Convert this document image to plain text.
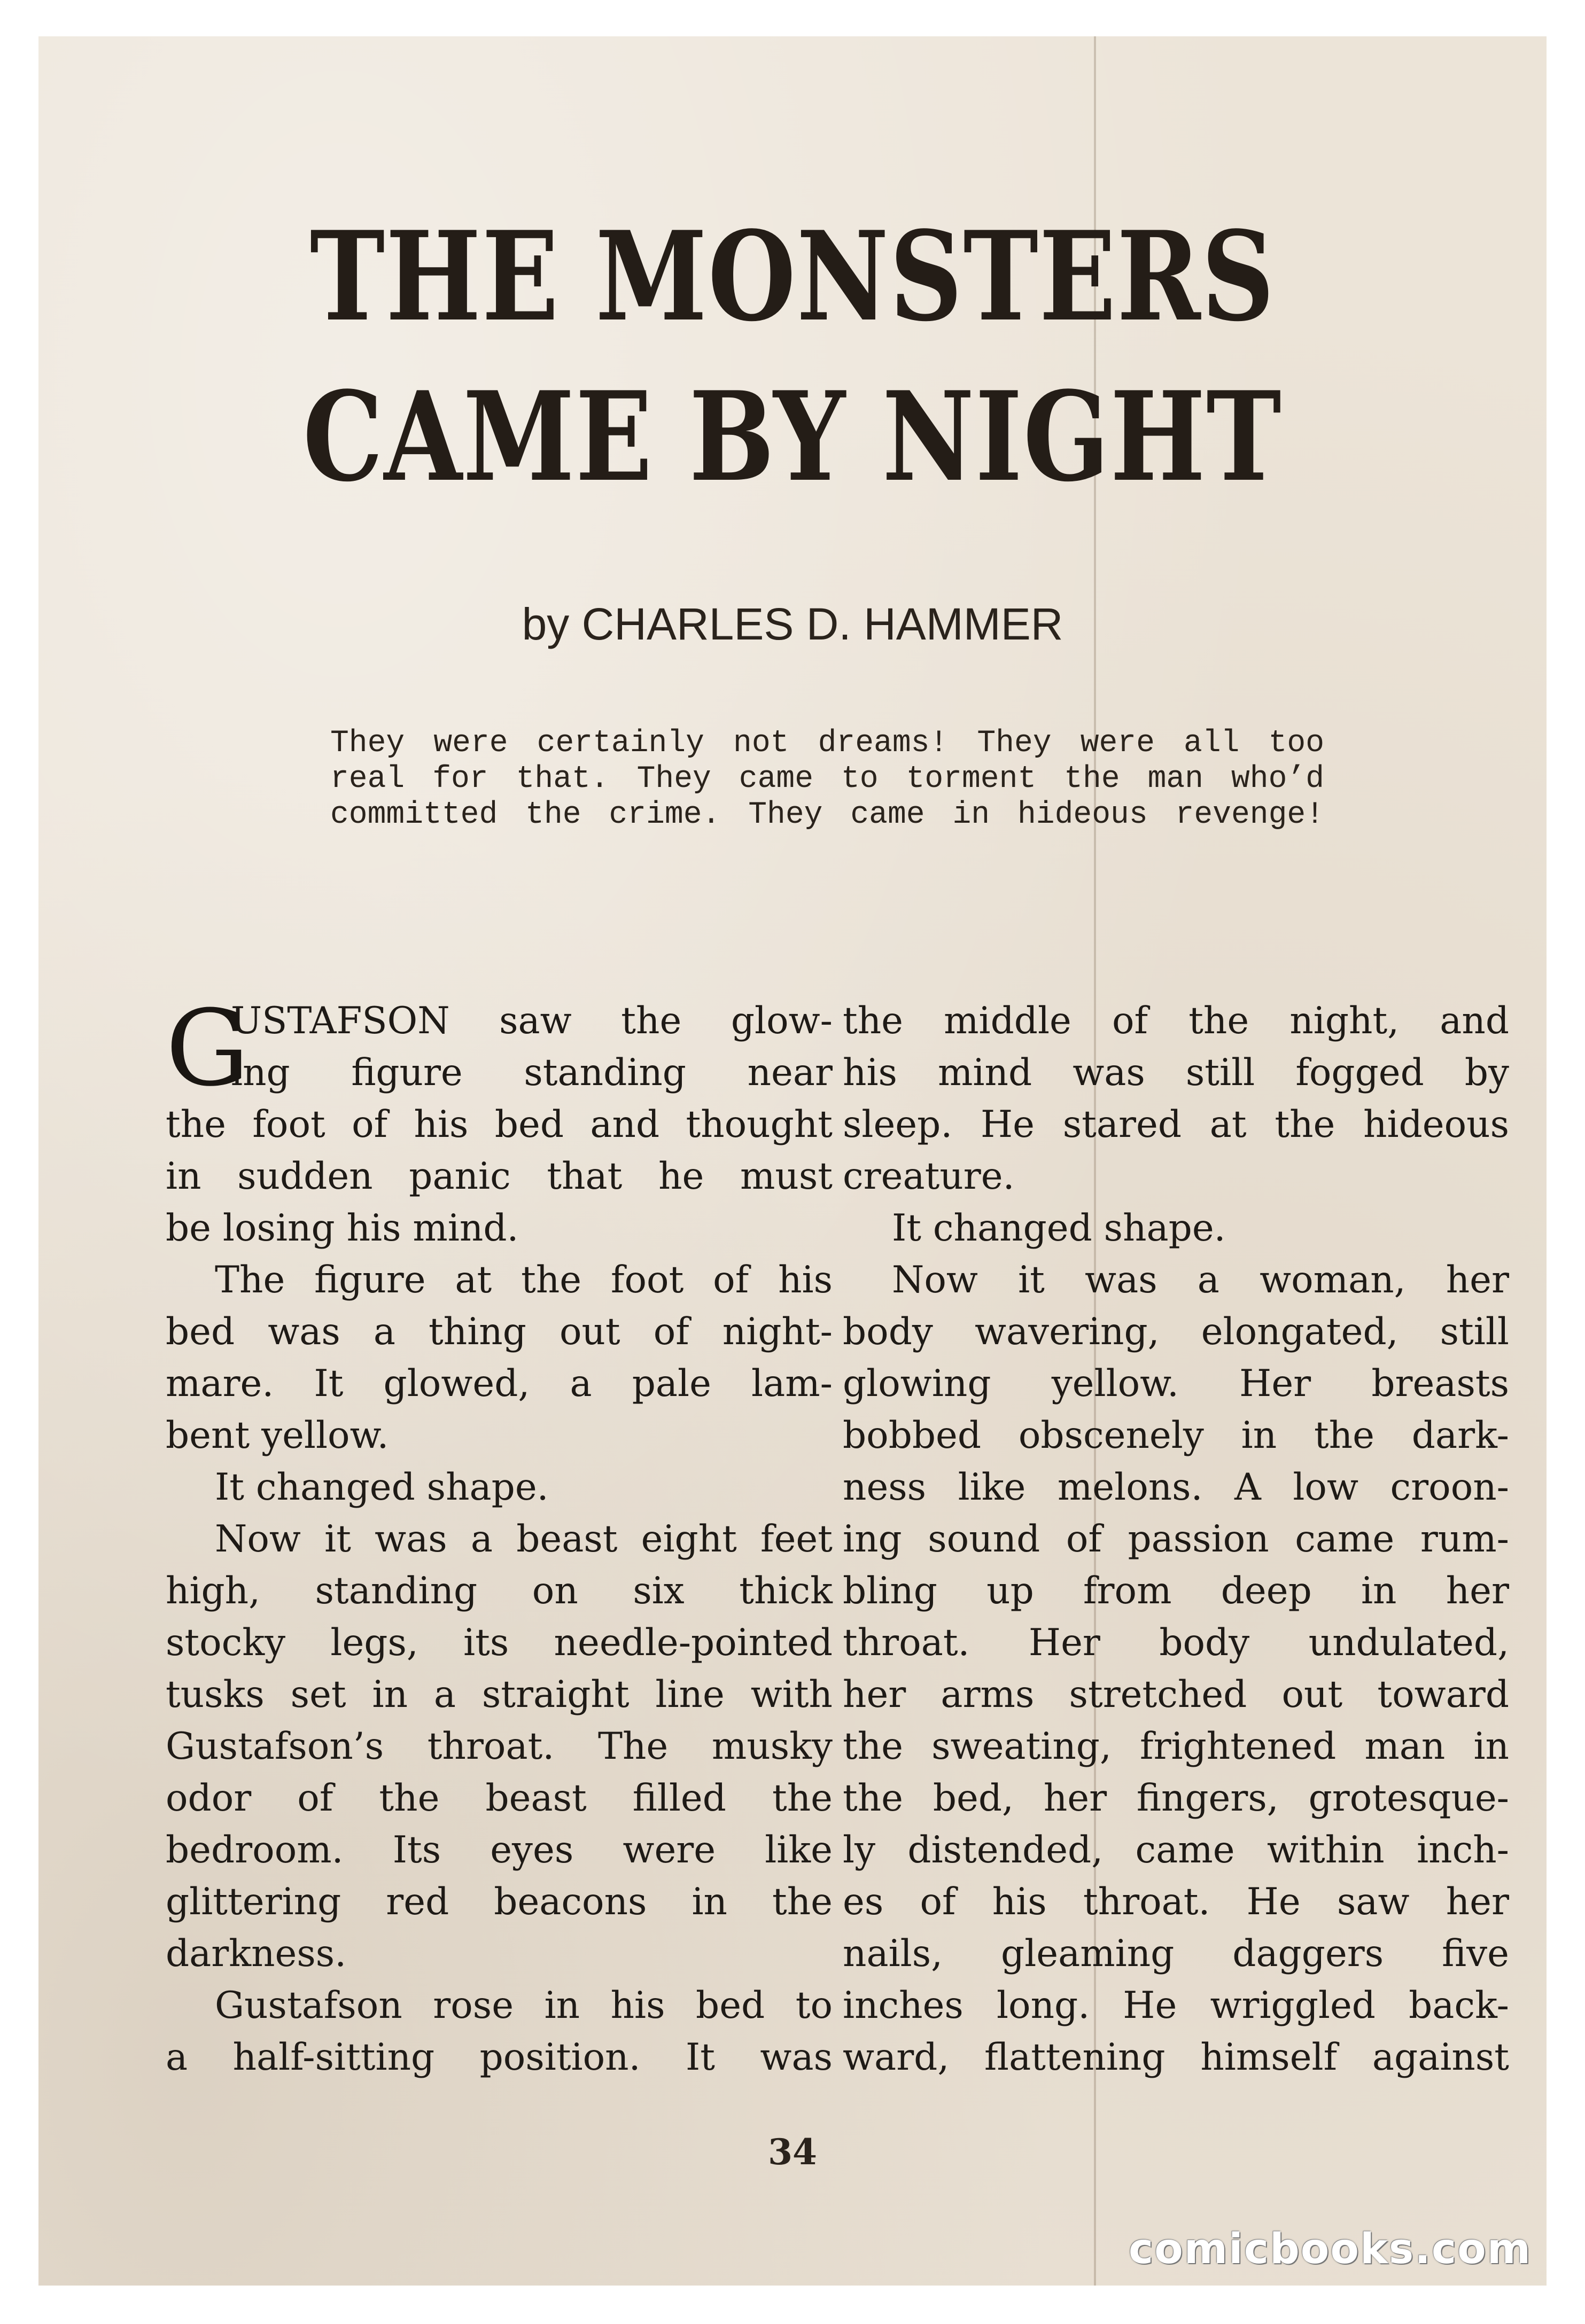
THE MONSTERS
CAME BY NIGHT
by CHARLES D. HAMMER
They were certainly not dreams! They were all too
real for that. They came to torment the man who’d
committed the crime. They came in hideous revenge!
G
USTAFSON saw the glow-
ing figure standing near
the foot of his bed and thought
in sudden panic that he must
be losing his mind.
The figure at the foot of his
bed was a thing out of night-
mare. It glowed, a pale lam-
bent yellow.
It changed shape.
Now it was a beast eight feet
high, standing on six thick
stocky legs, its needle-pointed
tusks set in a straight line with
Gustafson’s throat. The musky
odor of the beast filled the
bedroom. Its eyes were like
glittering red beacons in the
darkness.
Gustafson rose in his bed to
a half-sitting position. It was
the middle of the night, and
his mind was still fogged by
sleep. He stared at the hideous
creature.
It changed shape.
Now it was a woman, her
body wavering, elongated, still
glowing yellow. Her breasts
bobbed obscenely in the dark-
ness like melons. A low croon-
ing sound of passion came rum-
bling up from deep in her
throat. Her body undulated,
her arms stretched out toward
the sweating, frightened man in
the bed, her fingers, grotesque-
ly distended, came within inch-
es of his throat. He saw her
nails, gleaming daggers five
inches long. He wriggled back-
ward, flattening himself against
34
comicbooks.com
